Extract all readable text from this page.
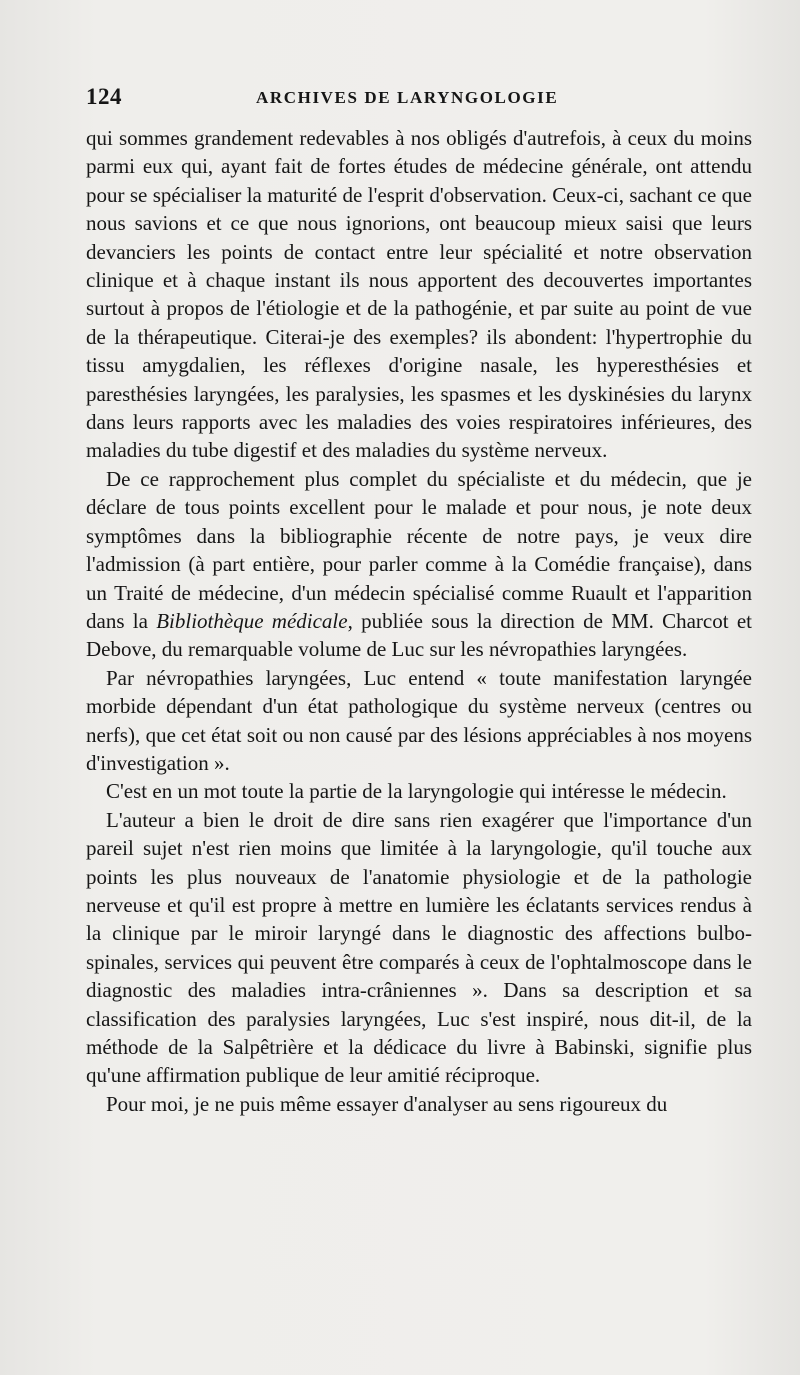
124	ARCHIVES DE LARYNGOLOGIE

qui sommes grandement redevables à nos obligés d'autrefois, à ceux du moins parmi eux qui, ayant fait de fortes études de médecine générale, ont attendu pour se spécialiser la maturité de l'esprit d'observation. Ceux-ci, sachant ce que nous savions et ce que nous ignorions, ont beaucoup mieux saisi que leurs devanciers les points de contact entre leur spécialité et notre observation clinique et à chaque instant ils nous apportent des decouvertes importantes surtout à propos de l'étiologie et de la pathogénie, et par suite au point de vue de la thérapeutique. Citerai-je des exemples? ils abondent: l'hypertrophie du tissu amygdalien, les réflexes d'origine nasale, les hyperesthésies et paresthésies laryngées, les paralysies, les spasmes et les dyskinésies du larynx dans leurs rapports avec les maladies des voies respiratoires inférieures, des maladies du tube digestif et des maladies du système nerveux.

De ce rapprochement plus complet du spécialiste et du médecin, que je déclare de tous points excellent pour le malade et pour nous, je note deux symptômes dans la bibliographie récente de notre pays, je veux dire l'admission (à part entière, pour parler comme à la Comédie française), dans un Traité de médecine, d'un médecin spécialisé comme Ruault et l'apparition dans la Bibliothèque médicale, publiée sous la direction de MM. Charcot et Debove, du remarquable volume de Luc sur les névropathies laryngées.

Par névropathies laryngées, Luc entend « toute manifestation laryngée morbide dépendant d'un état pathologique du système nerveux (centres ou nerfs), que cet état soit ou non causé par des lésions appréciables à nos moyens d'investigation ».

C'est en un mot toute la partie de la laryngologie qui intéresse le médecin.

L'auteur a bien le droit de dire sans rien exagérer que l'importance d'un pareil sujet n'est rien moins que limitée à la laryngologie, qu'il touche aux points les plus nouveaux de l'anatomie physiologie et de la pathologie nerveuse et qu'il est propre à mettre en lumière les éclatants services rendus à la clinique par le miroir laryngé dans le diagnostic des affections bulbo-spinales, services qui peuvent être comparés à ceux de l'ophtalmoscope dans le diagnostic des maladies intra-crâniennes ». Dans sa description et sa classification des paralysies laryngées, Luc s'est inspiré, nous dit-il, de la méthode de la Salpêtrière et la dédicace du livre à Babinski, signifie plus qu'une affirmation publique de leur amitié réciproque.

Pour moi, je ne puis même essayer d'analyser au sens rigoureux du
